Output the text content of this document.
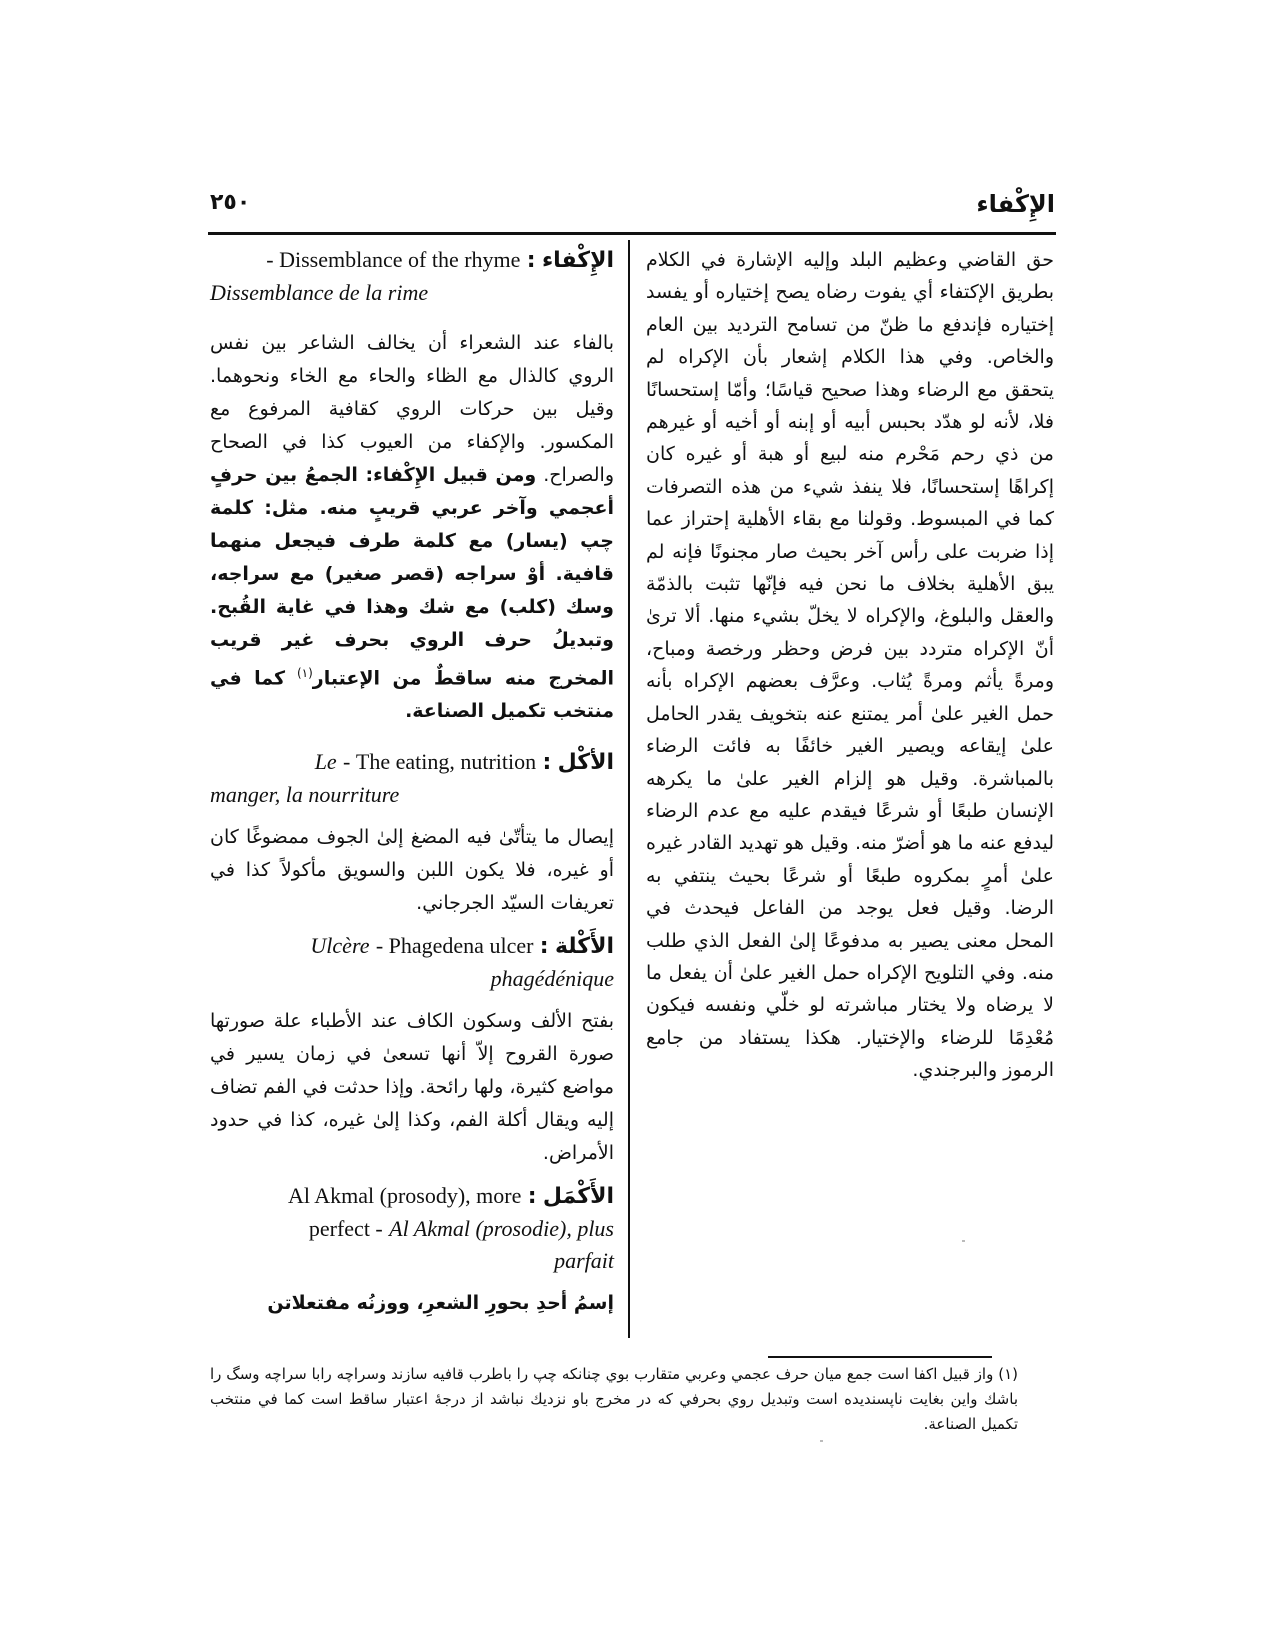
الإِكْفاء
٢٥٠

حق القاضي وعظيم البلد وإليه الإشارة في الكلام بطريق الإكتفاء أي يفوت رضاه يصح إختياره أو يفسد إختياره فإندفع ما ظنّ من تسامح الترديد بين العام والخاص. وفي هذا الكلام إشعار بأن الإكراه لم يتحقق مع الرضاء وهذا صحيح قياسًا؛ وأمّا إستحسانًا فلا، لأنه لو هدّد بحبس أبيه أو إبنه أو أخيه أو غيرهم من ذي رحم مَحْرم منه لبيع أو هبة أو غيره كان إكراهًا إستحسانًا، فلا ينفذ شيء من هذه التصرفات كما في المبسوط. وقولنا مع بقاء الأهلية إحتراز عما إذا ضربت على رأس آخر بحيث صار مجنونًا فإنه لم يبق الأهلية بخلاف ما نحن فيه فإنّها تثبت بالذمّة والعقل والبلوغ، والإكراه لا يخلّ بشيء منها. ألا ترىٰ أنّ الإكراه متردد بين فرض وحظر ورخصة ومباح، ومرةً يأثم ومرةً يُثاب. وعرَّف بعضهم الإكراه بأنه حمل الغير علىٰ أمر يمتنع عنه بتخويف يقدر الحامل علىٰ إيقاعه ويصير الغير خائفًا به فائت الرضاء بالمباشرة. وقيل هو إلزام الغير علىٰ ما يكرهه الإنسان طبعًا أو شرعًا فيقدم عليه مع عدم الرضاء ليدفع عنه ما هو أضرّ منه. وقيل هو تهديد القادر غيره علىٰ أمرٍ بمكروه طبعًا أو شرعًا بحيث ينتفي به الرضا. وقيل فعل يوجد من الفاعل فيحدث في المحل معنى يصير به مدفوعًا إلىٰ الفعل الذي طلب منه. وفي التلويح الإكراه حمل الغير علىٰ أن يفعل ما لا يرضاه ولا يختار مباشرته لو خلّي ونفسه فيكون مُعْدِمًا للرضاء والإختيار. هكذا يستفاد من جامع الرموز والبرجندي.

الإِكْفاء : Dissemblance of the rhyme -
Dissemblance de la rime

بالفاء عند الشعراء أن يخالف الشاعر بين نفس الروي كالذال مع الظاء والحاء مع الخاء ونحوهما. وقيل بين حركات الروي كقافية المرفوع مع المكسور. والإكفاء من العيوب كذا في الصحاح والصراح. ومن قبيل الإِكْفاء: الجمعُ بين حرفٍ أعجمي وآخر عربي قريبٍ منه. مثل: كلمة چپ (يسار) مع كلمة طرف فيجعل منهما قافية. أوْ سراجه (قصر صغير) مع سراجه، وسك (كلب) مع شك وهذا في غاية القُبح. وتبديلُ حرف الروي بحرف غير قريب المخرج منه ساقطٌ من الإعتبار$^{(١)}$ كما في منتخب تكميل الصناعة.

الأكْل : The eating, nutrition - Le
manger, la nourriture

إيصال ما يتأتّىٰ فيه المضغ إلىٰ الجوف ممضوغًا كان أو غيره، فلا يكون اللبن والسويق مأكولاً كذا في تعريفات السيّد الجرجاني.

الأَكْلة : Phagedena ulcer - Ulcère
phagédénique

بفتح الألف وسكون الكاف عند الأطباء علة صورتها صورة القروح إلاّ أنها تسعىٰ في زمان يسير في مواضع كثيرة، ولها رائحة. وإذا حدثت في الفم تضاف إليه ويقال أكلة الفم، وكذا إلىٰ غيره، كذا في حدود الأمراض.

الأَكْمَل : Al Akmal (prosody), more
perfect - Al Akmal (prosodie), plus
parfait

إسمُ أحدِ بحورِ الشعرِ، ووزنُه مفتعلاتن

(١) واز قبيل اكفا است جمع ميان حرف عجمي وعربي متقارب بوي چنانكه چپ را باطرب قافيه سازند وسراچه رابا سراچه وسگ را باشك واين بغايت ناپسنديده است وتبديل روي بحرفي كه در مخرج باو نزديك نباشد از درجهٔ اعتبار ساقط است كما في منتخب تكميل الصناعة.
